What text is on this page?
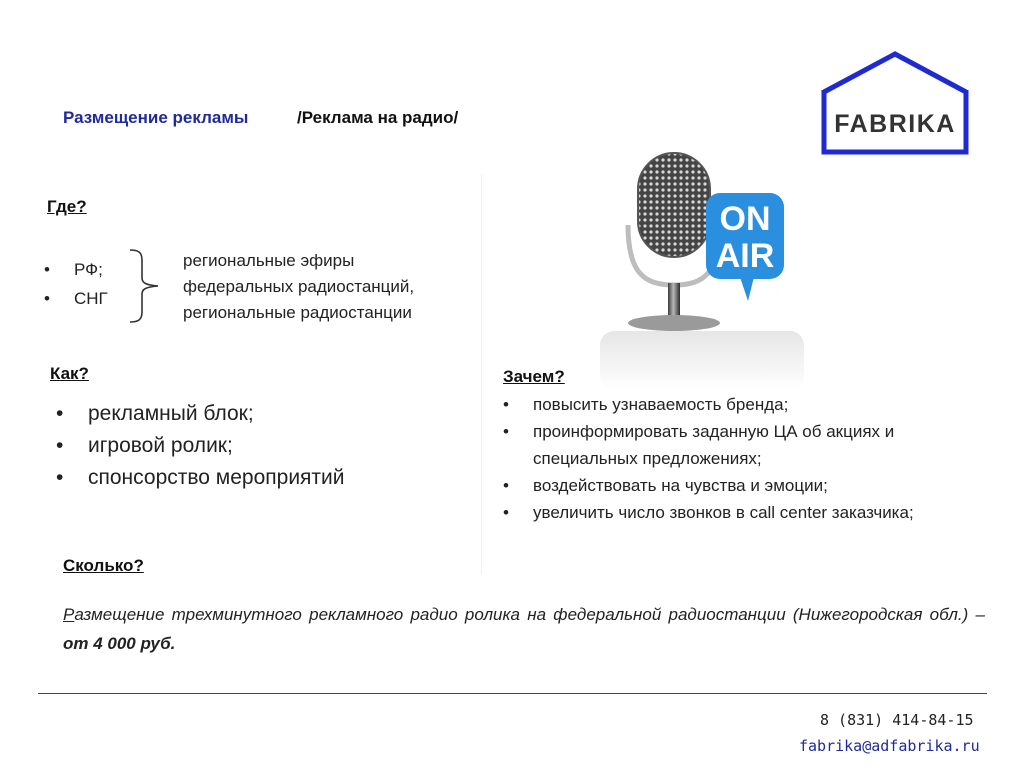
Размещение рекламы	/Реклама на радио/	FABRIKA
Где?
• РФ;
• СНГ
региональные эфиры
федеральных радиостанций,
региональные радиостанции
Как?
• рекламный блок;
• игровой ролик;
• спонсорство мероприятий
ON
AIR
Зачем?
• повысить узнаваемость бренда;
• проинформировать заданную ЦА об акциях и специальных предложениях;
• воздействовать на чувства и эмоции;
• увеличить число звонков в call center заказчика;
Сколько?
Размещение трехминутного рекламного радио ролика на федеральной радиостанции (Нижегородская обл.) – от 4 000 руб.
8 (831) 414-84-15
fabrika@adfabrika.ru
